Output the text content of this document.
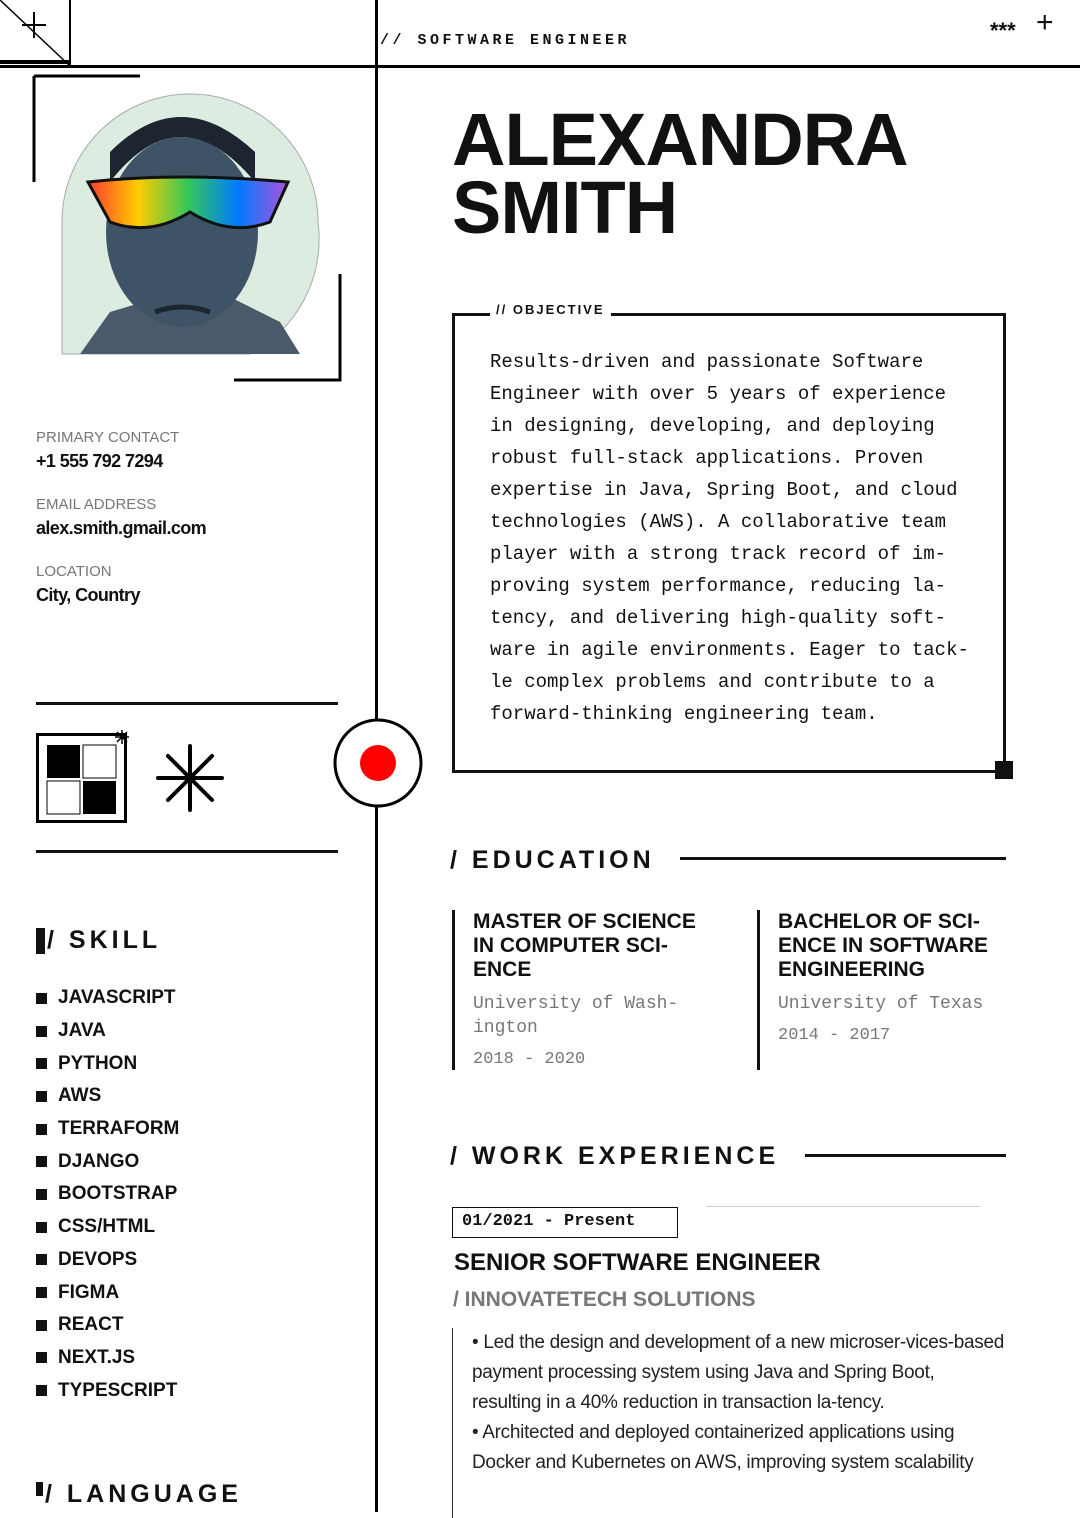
// SOFTWARE ENGINEER	*** +
PRIMARY CONTACT
+1 555 792 7294
EMAIL ADDRESS
alex.smith.gmail.com
LOCATION
City, Country
/ SKILL
JAVASCRIPT
JAVA
PYTHON
AWS
TERRAFORM
DJANGO
BOOTSTRAP
CSS/HTML
DEVOPS
FIGMA
REACT
NEXT.JS
TYPESCRIPT
/ LANGUAGE
ALEXANDRA
SMITH
// OBJECTIVE
Results-driven and passionate Software
Engineer with over 5 years of experience
in designing, developing, and deploying
robust full-stack applications. Proven
expertise in Java, Spring Boot, and cloud
technologies (AWS). A collaborative team
player with a strong track record of im-
proving system performance, reducing la-
tency, and delivering high-quality soft-
ware in agile environments. Eager to tack-
le complex problems and contribute to a
forward-thinking engineering team.
/ EDUCATION
MASTER OF SCIENCE IN COMPUTER SCI-ENCE
University of Wash-ington
2018 - 2020
BACHELOR OF SCI-ENCE IN SOFTWARE ENGINEERING
University of Texas
2014 - 2017
/ WORK EXPERIENCE
01/2021 - Present
SENIOR SOFTWARE ENGINEER
/ INNOVATETECH SOLUTIONS
• Led the design and development of a new microser-vices-based payment processing system using Java and Spring Boot, resulting in a 40% reduction in transaction la-tency.
• Architected and deployed containerized applications using Docker and Kubernetes on AWS, improving system scalability
